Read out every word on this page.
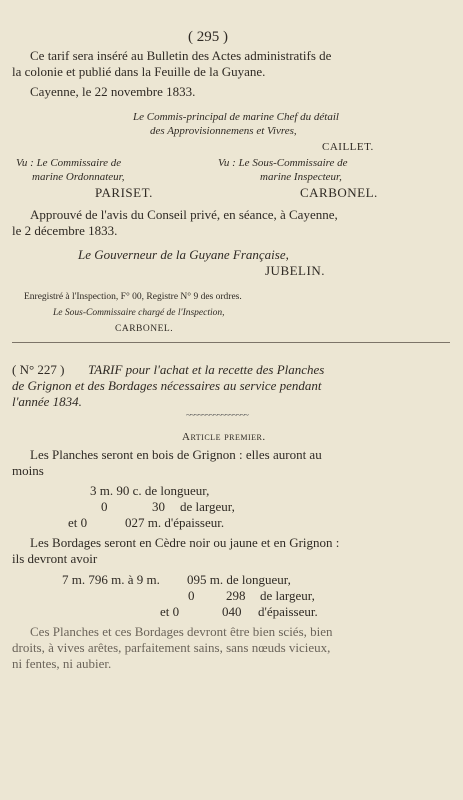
( 295 )
Ce tarif sera inséré au Bulletin des Actes administratifs de
la colonie et publié dans la Feuille de la Guyane.
Cayenne, le 22 novembre 1833.
Le Commis-principal de marine Chef du détail
des Approvisionnemens et Vivres,
CAILLET.
Vu : Le Commissaire de
marine Ordonnateur,
PARISET.
Vu : Le Sous-Commissaire de
marine Inspecteur,
CARBONEL.
Approuvé de l'avis du Conseil privé, en séance, à Cayenne,
le 2 décembre 1833.
Le Gouverneur de la Guyane Française,
JUBELIN.
Enregistré à l'Inspection, F° 00, Registre N° 9 des ordres.
Le Sous-Commissaire chargé de l'Inspection,
CARBONEL.
( N° 227 ) TARIF pour l'achat et la recette des Planches
de Grignon et des Bordages nécessaires au service pendant
l'année 1834.
~~~~~~~~~~~~~~~~
Article premier.
Les Planches seront en bois de Grignon : elles auront au
moins
3 m. 90 c. de longueur,
0	30 de largeur,
et 0	027 m. d'épaisseur.
Les Bordages seront en Cèdre noir ou jaune et en Grignon :
ils devront avoir
7 m. 796 m. à 9 m. 095 m. de longueur,
0 298 de largeur,
et 0	040 d'épaisseur.
Ces Planches et ces Bordages devront être bien sciés, bien
droits, à vives arêtes, parfaitement sains, sans nœuds vicieux,
ni fentes, ni aubier.
